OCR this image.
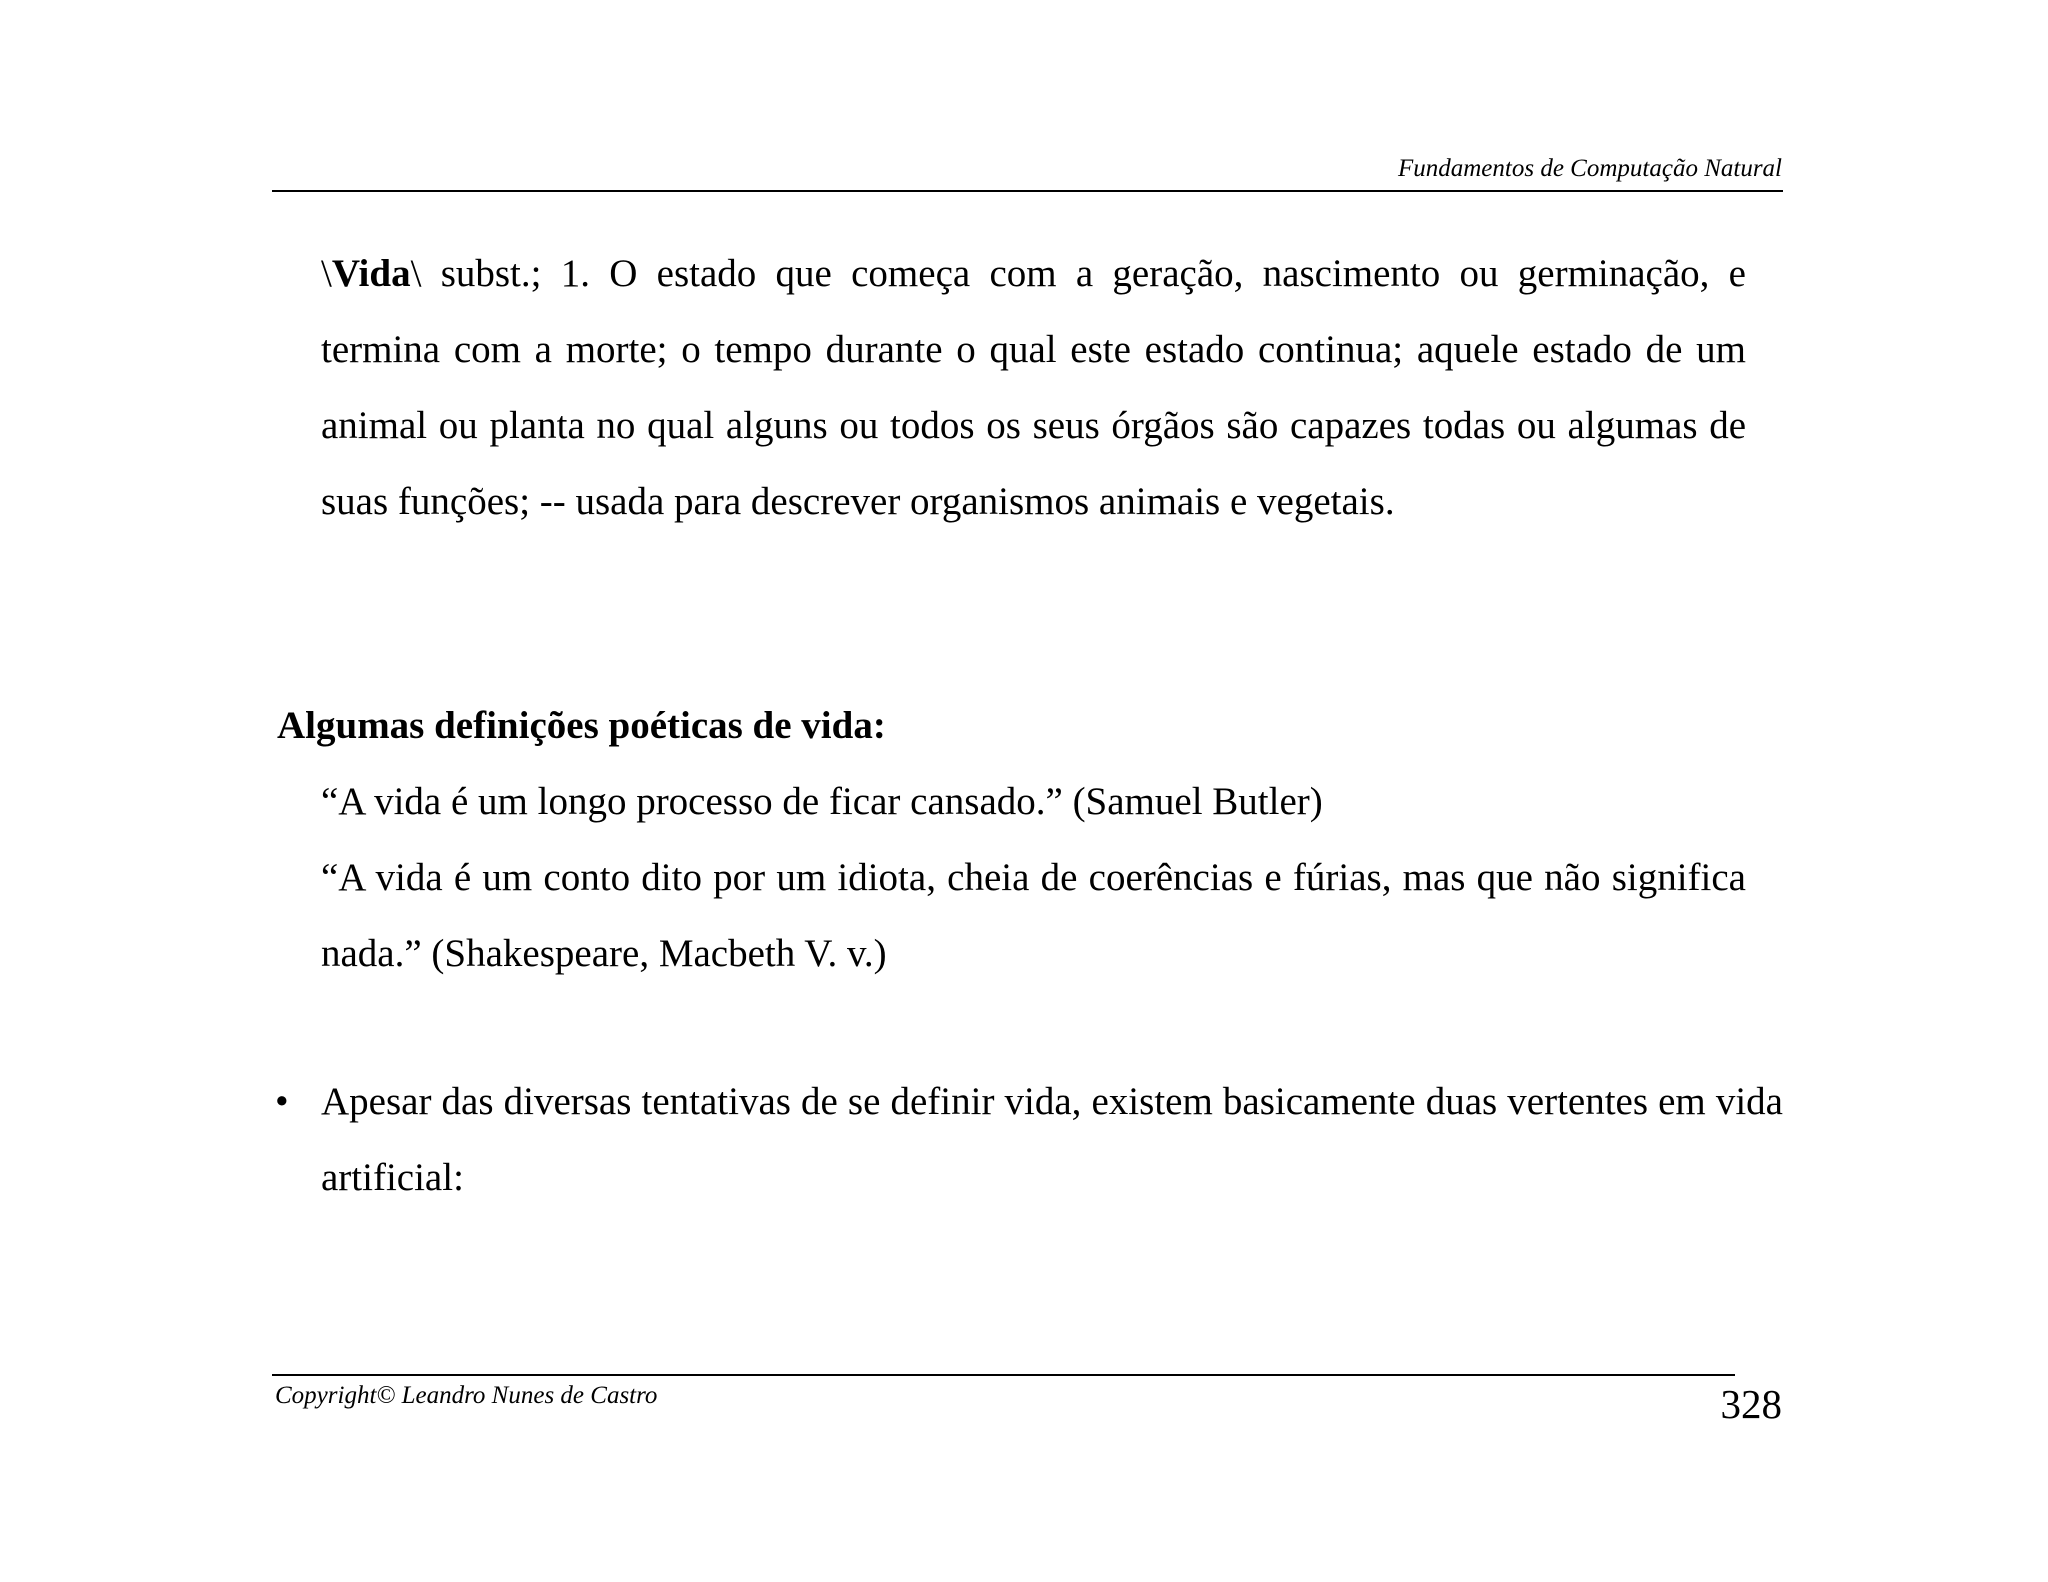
Fundamentos de Computação Natural

\Vida\ subst.; 1. O estado que começa com a geração, nascimento ou germinação, e termina com a morte; o tempo durante o qual este estado continua; aquele estado de um animal ou planta no qual alguns ou todos os seus órgãos são capazes todas ou algumas de suas funções; -- usada para descrever organismos animais e vegetais.

Algumas definições poéticas de vida:

“A vida é um longo processo de ficar cansado.” (Samuel Butler)

“A vida é um conto dito por um idiota, cheia de coerências e fúrias, mas que não significa nada.” (Shakespeare, Macbeth V. v.)

• Apesar das diversas tentativas de se definir vida, existem basicamente duas vertentes em vida artificial:

Copyright© Leandro Nunes de Castro	328
